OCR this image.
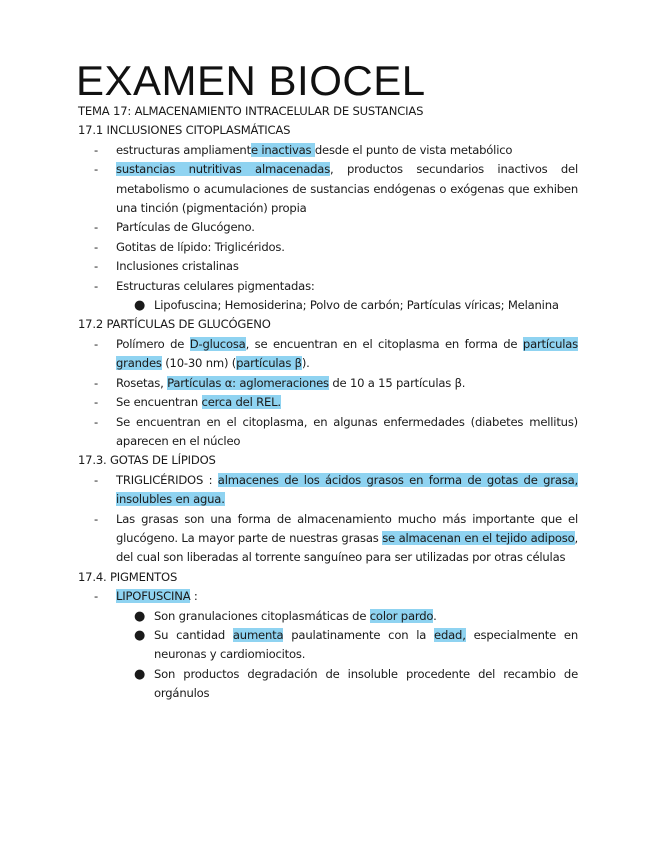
EXAMEN BIOCEL
TEMA 17: ALMACENAMIENTO INTRACELULAR DE SUSTANCIAS
17.1 INCLUSIONES CITOPLASMÁTICAS
- estructuras ampliamente inactivas desde el punto de vista metabólico
- sustancias nutritivas almacenadas, productos secundarios inactivos del metabolismo o acumulaciones de sustancias endógenas o exógenas que exhiben una tinción (pigmentación) propia
- Partículas de Glucógeno.
- Gotitas de lípido: Triglicéridos.
- Inclusiones cristalinas
- Estructuras celulares pigmentadas:
● Lipofuscina; Hemosiderina; Polvo de carbón; Partículas víricas; Melanina
17.2 PARTÍCULAS DE GLUCÓGENO
- Polímero de D-glucosa, se encuentran en el citoplasma en forma de partículas grandes (10-30 nm) (partículas β).
- Rosetas, Partículas α: aglomeraciones de 10 a 15 partículas β.
- Se encuentran cerca del REL.
- Se encuentran en el citoplasma, en algunas enfermedades (diabetes mellitus) aparecen en el núcleo
17.3. GOTAS DE LÍPIDOS
- TRIGLICÉRIDOS : almacenes de los ácidos grasos en forma de gotas de grasa, insolubles en agua.
- Las grasas son una forma de almacenamiento mucho más importante que el glucógeno. La mayor parte de nuestras grasas se almacenan en el tejido adiposo, del cual son liberadas al torrente sanguíneo para ser utilizadas por otras células
17.4. PIGMENTOS
- LIPOFUSCINA :
● Son granulaciones citoplasmáticas de color pardo.
● Su cantidad aumenta paulatinamente con la edad, especialmente en neuronas y cardiomiocitos.
● Son productos degradación de insoluble procedente del recambio de orgánulos
